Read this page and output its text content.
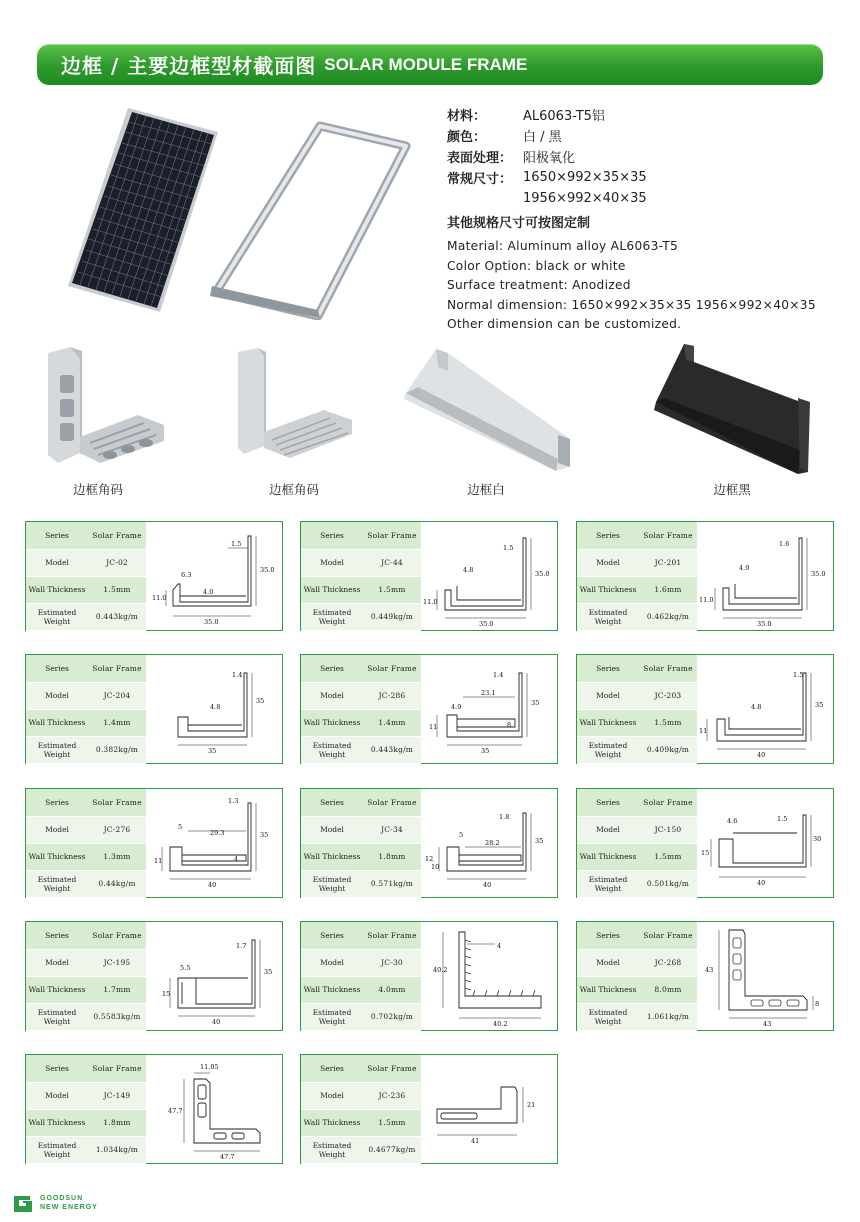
边框 / 主要边框型材截面图 SOLAR MODULE FRAME
材料：	AL6063-T5铝
颜色：	白 / 黑
表面处理： 阳极氧化
常规尺寸： 1650×992×35×35
1956×992×40×35
其他规格尺寸可按图定制
Material: Aluminum alloy AL6063-T5
Color Option: black or white
Surface treatment: Anodized
Normal dimension: 1650×992×35×35 1956×992×40×35
Other dimension can be customized.
边框角码	边框角码	边框白	边框黑
Series	Solar Frame
Model	JC-02
Wall Thickness	1.5mm
Estimated Weight	0.443kg/m
1.5
6.3
4.0
11.0
35.0
35.0
Series	Solar Frame
Model	JC-44
Wall Thickness	1.5mm
Estimated Weight	0.449kg/m
1.5
4.8
11.0
35.0
35.0
Series	Solar Frame
Model	JC-201
Wall Thickness	1.6mm
Estimated Weight	0.462kg/m
1.6
4.9
11.0
35.0
35.0
Series	Solar Frame
Model	JC-204
Wall Thickness	1.4mm
Estimated Weight	0.382kg/m
1.4
4.8
35
35
Series	Solar Frame
Model	JC-286
Wall Thickness	1.4mm
Estimated Weight	0.443kg/m
1.4
23.1
4.9
11	8
35
35
Series	Solar Frame
Model	JC-203
Wall Thickness	1.5mm
Estimated Weight	0.409kg/m
1.5
4.8
11
35
40
Series	Solar Frame
Model	JC-276
Wall Thickness	1.3mm
Estimated Weight	0.44kg/m
1.3
5
29.3
11	4
35
40
Series	Solar Frame
Model	JC-34
Wall Thickness	1.8mm
Estimated Weight	0.571kg/m
1.8
5
28.2
12
10
35
40
Series	Solar Frame
Model	JC-150
Wall Thickness	1.5mm
Estimated Weight	0.501kg/m
4.6	1.5
15
30
40
Series	Solar Frame
Model	JC-195
Wall Thickness	1.7mm
Estimated Weight	0.5583kg/m
1.7
5.5
15
35
40
Series	Solar Frame
Model	JC-30
Wall Thickness	4.0mm
Estimated Weight	0.702kg/m
4
40.2
40.2
Series	Solar Frame
Model	JC-268
Wall Thickness	8.0mm
Estimated Weight	1.061kg/m
43
8
43
Series	Solar Frame
Model	JC-149
Wall Thickness	1.8mm
Estimated Weight	1.034kg/m
11.05
47.7
47.7
Series	Solar Frame
Model	JC-236
Wall Thickness	1.5mm
Estimated Weight	0.4677kg/m
21
41
GOODSUN
NEW ENERGY
